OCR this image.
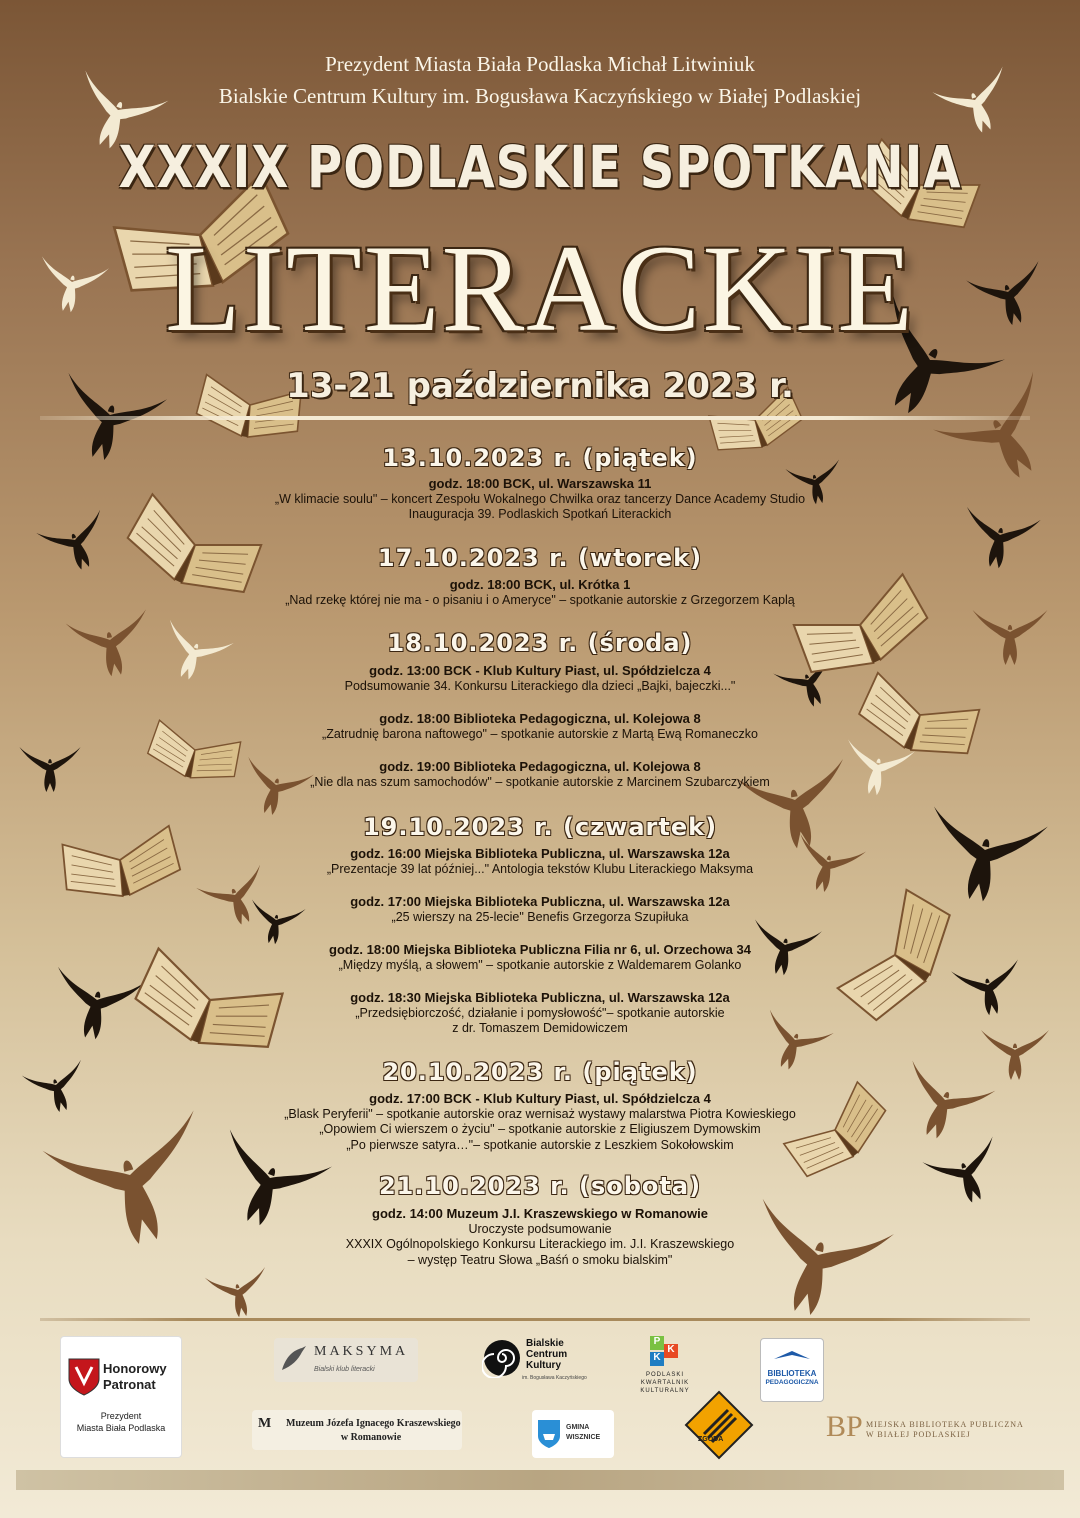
Prezydent Miasta Biała Podlaska Michał Litwiniuk
Bialskie Centrum Kultury im. Bogusława Kaczyńskiego w Białej Podlaskiej
XXXIX PODLASKIE SPOTKANIA
LITERACKIE
13-21 października 2023 r.
13.10.2023 r. (piątek)
godz. 18:00 BCK, ul. Warszawska 11
„W klimacie soulu" – koncert Zespołu Wokalnego Chwilka oraz tancerzy Dance Academy Studio
Inauguracja 39. Podlaskich Spotkań Literackich
17.10.2023 r. (wtorek)
godz. 18:00 BCK, ul. Krótka 1
„Nad rzekę której nie ma - o pisaniu i o Ameryce" – spotkanie autorskie z Grzegorzem Kaplą
18.10.2023 r. (środa)
godz. 13:00 BCK - Klub Kultury Piast, ul. Spółdzielcza 4
Podsumowanie 34. Konkursu Literackiego dla dzieci „Bajki, bajeczki..."
godz. 18:00 Biblioteka Pedagogiczna, ul. Kolejowa 8
„Zatrudnię barona naftowego" – spotkanie autorskie z Martą Ewą Romaneczko
godz. 19:00 Biblioteka Pedagogiczna, ul. Kolejowa 8
„Nie dla nas szum samochodów" – spotkanie autorskie z Marcinem Szubarczykiem
19.10.2023 r. (czwartek)
godz. 16:00 Miejska Biblioteka Publiczna, ul. Warszawska 12a
„Prezentacje 39 lat później..." Antologia tekstów Klubu Literackiego Maksyma
godz. 17:00 Miejska Biblioteka Publiczna, ul. Warszawska 12a
„25 wierszy na 25-lecie" Benefis Grzegorza Szupiłuka
godz. 18:00 Miejska Biblioteka Publiczna Filia nr 6, ul. Orzechowa 34
„Między myślą, a słowem" – spotkanie autorskie z Waldemarem Golanko
godz. 18:30 Miejska Biblioteka Publiczna, ul. Warszawska 12a
„Przedsiębiorczość, działanie i pomysłowość"– spotkanie autorskie
z dr. Tomaszem Demidowiczem
20.10.2023 r. (piątek)
godz. 17:00 BCK - Klub Kultury Piast, ul. Spółdzielcza 4
„Blask Peryferii" – spotkanie autorskie oraz wernisaż wystawy malarstwa Piotra Kowieskiego
„Opowiem Ci wierszem o życiu" – spotkanie autorskie z Eligiuszem Dymowskim
„Po pierwsze satyra…"– spotkanie autorskie z Leszkiem Sokołowskim
21.10.2023 r. (sobota)
godz. 14:00 Muzeum J.I. Kraszewskiego w Romanowie
Uroczyste podsumowanie
XXXIX Ogólnopolskiego Konkursu Literackiego im. J.I. Kraszewskiego
– występ Teatru Słowa „Baśń o smoku bialskim"
Honorowy
Patronat
Prezydent
Miasta Biała Podlaska
MAKSYMA
Bialski klub literacki
Bialskie
Centrum
Kultury
im. Bogusława Kaczyńskiego
P
K
K
PODLASKI
KWARTALNIK
KULTURALNY
BIBLIOTEKA
PEDAGOGICZNA
M	Muzeum Józefa Ignacego Kraszewskiego
w Romanowie
GMINA
WISZNICE	ZGODA	BP MIEJSKA BIBLIOTEKA PUBLICZNA
W BIAŁEJ PODLASKIEJ
